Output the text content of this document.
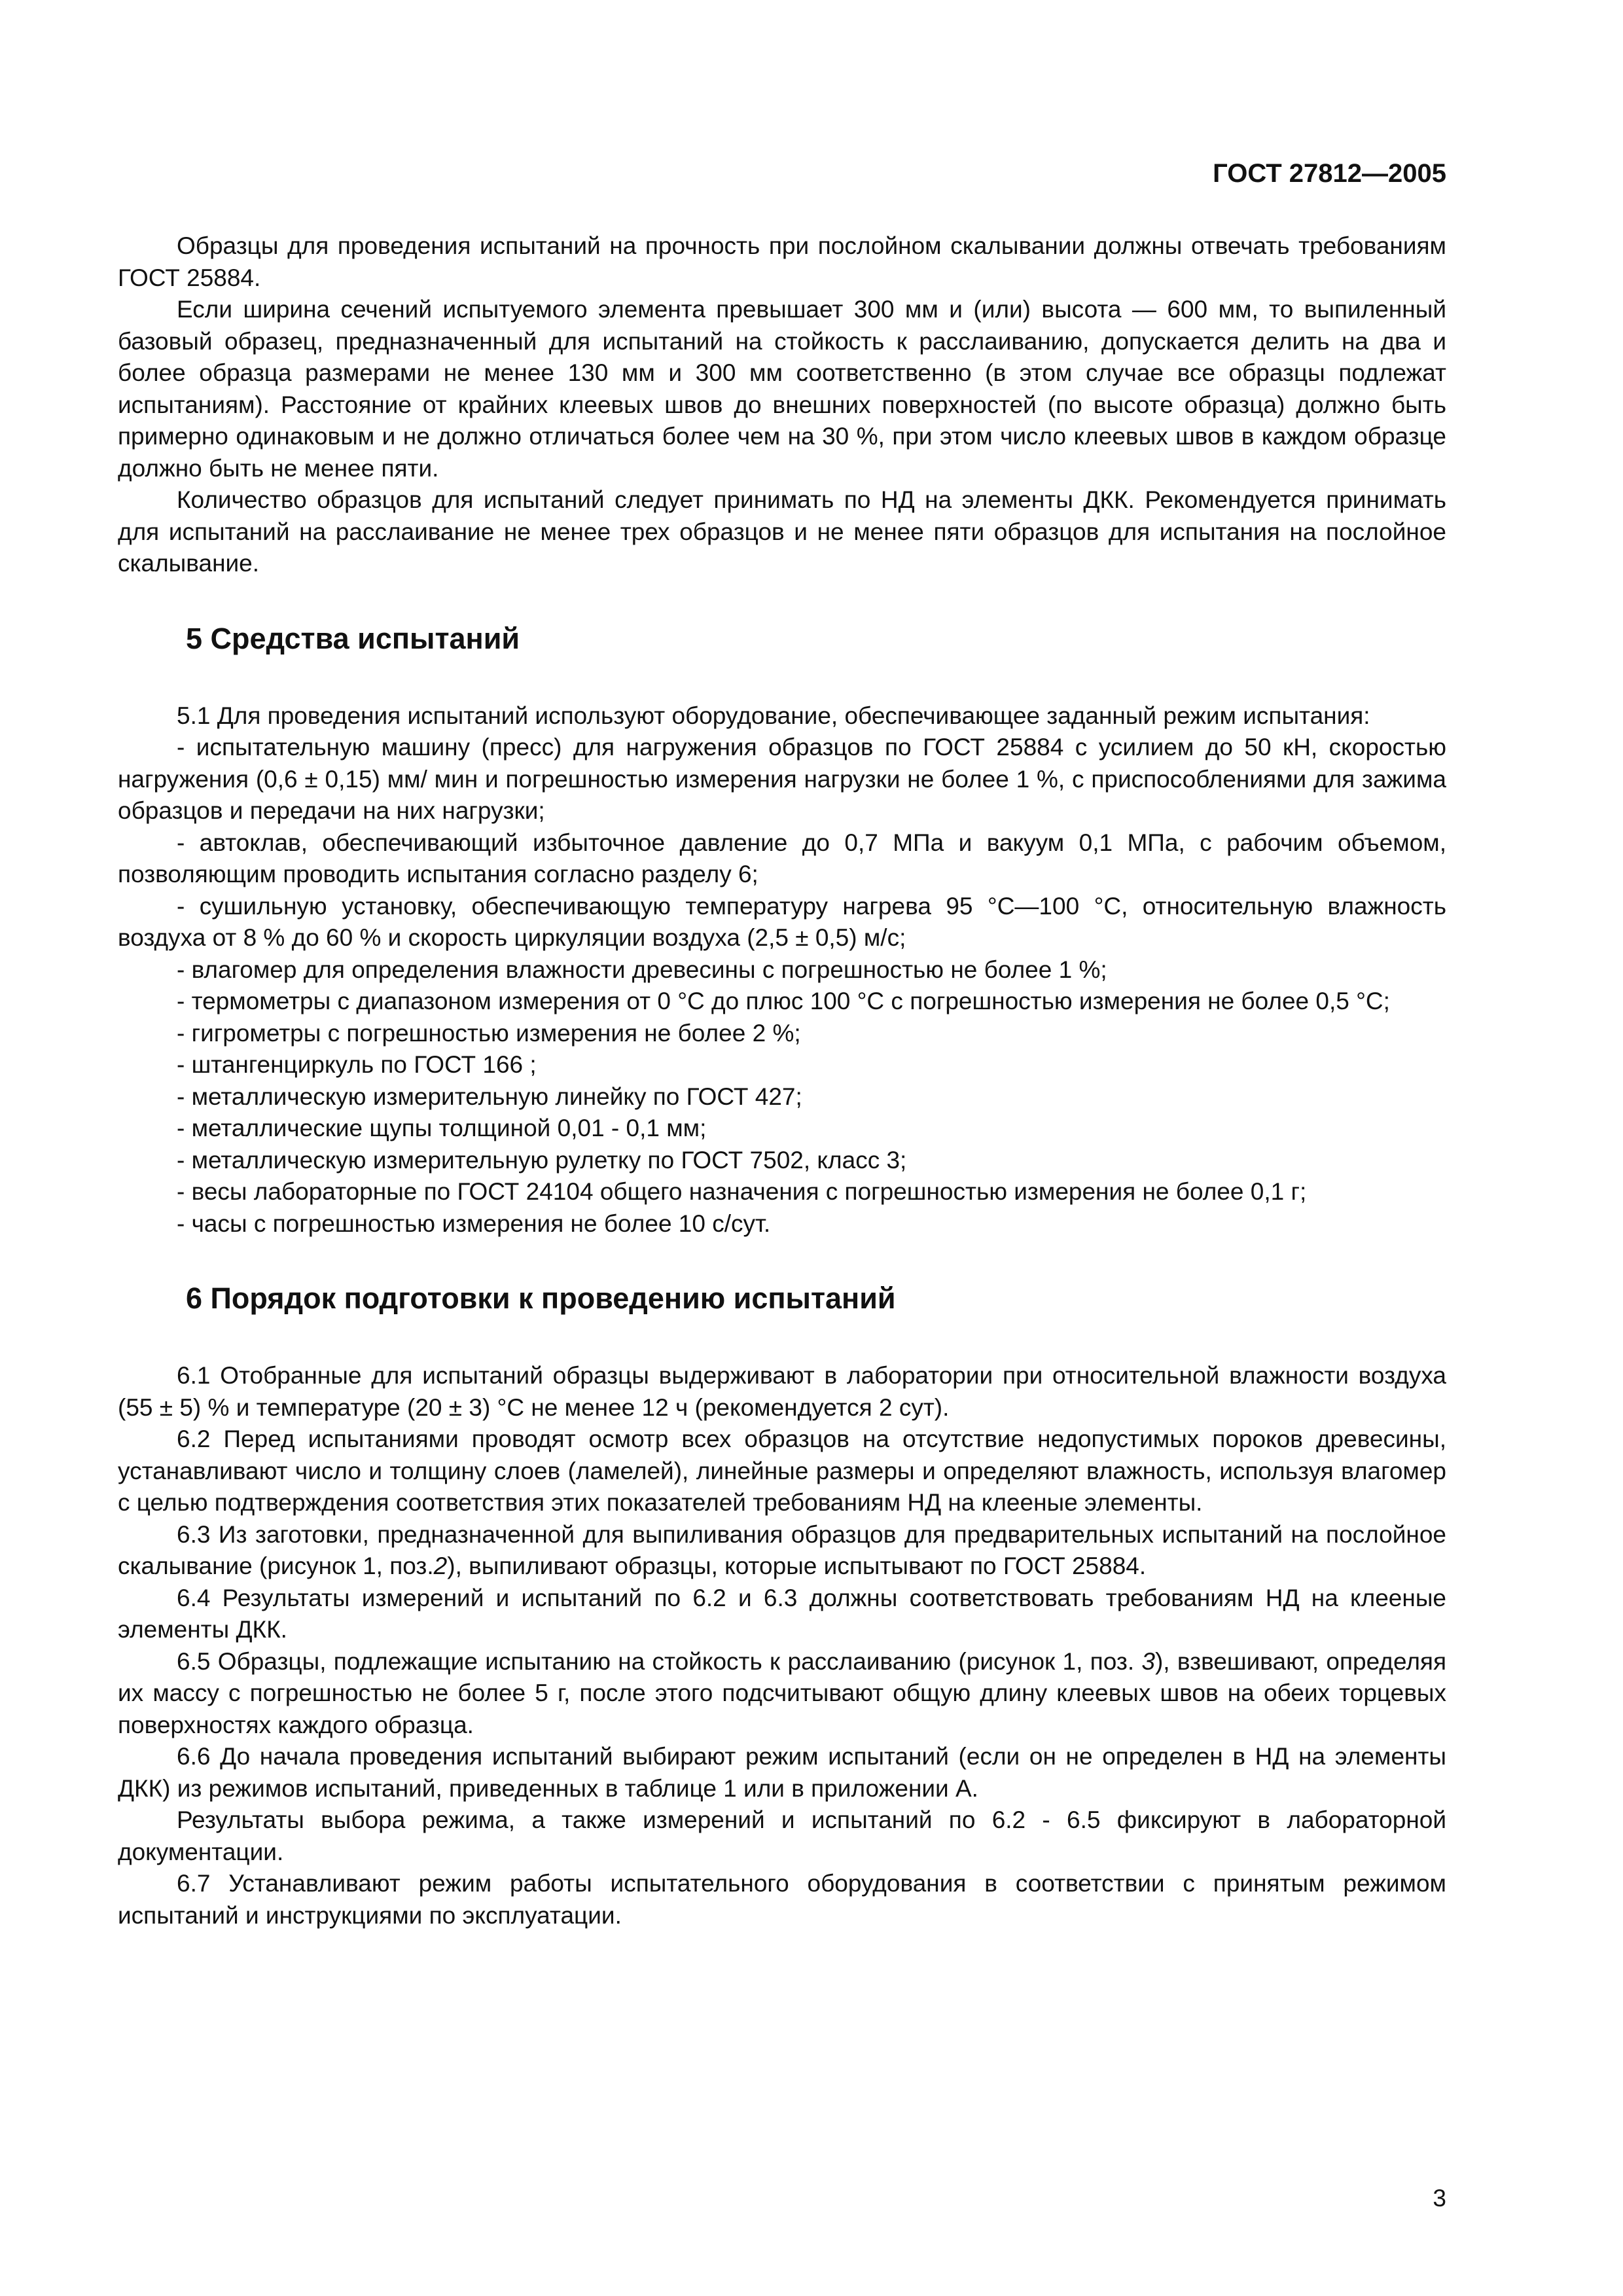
ГОСТ 27812—2005

Образцы для проведения испытаний на прочность при послойном скалывании должны отвечать требованиям ГОСТ 25884.

Если ширина сечений испытуемого элемента превышает 300 мм и (или) высота — 600 мм, то выпиленный базовый образец, предназначенный для испытаний на стойкость к расслаиванию, допускается делить на два и более образца размерами не менее 130 мм и 300 мм соответственно (в этом случае все образцы подлежат испытаниям). Расстояние от крайних клеевых швов до внешних поверхностей (по высоте образца) должно быть примерно одинаковым и не должно отличаться более чем на 30 %, при этом число клеевых швов в каждом образце должно быть не менее пяти.

Количество образцов для испытаний следует принимать по НД на элементы ДКК. Рекомендуется принимать для испытаний на расслаивание не менее трех образцов и не менее пяти образцов для испытания на послойное скалывание.

5 Средства испытаний

5.1 Для проведения испытаний используют оборудование, обеспечивающее заданный режим испытания:

- испытательную машину (пресс) для нагружения образцов по ГОСТ 25884 с усилием до 50 кН, скоростью нагружения (0,6 ± 0,15) мм/ мин и погрешностью измерения нагрузки не более 1 %, с приспособлениями для зажима образцов и передачи на них нагрузки;

- автоклав, обеспечивающий избыточное давление до 0,7 МПа и вакуум 0,1 МПа, с рабочим объемом, позволяющим проводить испытания согласно разделу 6;

- сушильную установку, обеспечивающую температуру нагрева 95 °С—100 °С, относительную влажность воздуха от 8 % до 60 % и скорость циркуляции воздуха (2,5 ± 0,5) м/с;

- влагомер для определения влажности древесины с погрешностью не более 1 %;

- термометры с диапазоном измерения от 0 °С до плюс 100 °С с погрешностью измерения не более 0,5 °С;

- гигрометры с погрешностью измерения не более 2 %;

- штангенциркуль по ГОСТ 166 ;

- металлическую измерительную линейку по ГОСТ 427;

- металлические щупы толщиной 0,01 - 0,1 мм;

- металлическую измерительную рулетку по ГОСТ 7502, класс 3;

- весы лабораторные по ГОСТ 24104 общего назначения с погрешностью измерения не более 0,1 г;

- часы с погрешностью измерения не более 10 с/сут.

6 Порядок подготовки к проведению испытаний

6.1 Отобранные для испытаний образцы выдерживают в лаборатории при относительной влажности воздуха (55 ± 5) % и температуре (20 ± 3) °С не менее 12 ч (рекомендуется 2 сут).

6.2 Перед испытаниями проводят осмотр всех образцов на отсутствие недопустимых пороков древесины, устанавливают число и толщину слоев (ламелей), линейные размеры и определяют влажность, используя влагомер с целью подтверждения соответствия этих показателей требованиям НД на клееные элементы.

6.3 Из заготовки, предназначенной для выпиливания образцов для предварительных испытаний на послойное скалывание (рисунок 1, поз.2), выпиливают образцы, которые испытывают по ГОСТ 25884.

6.4 Результаты измерений и испытаний по 6.2 и 6.3 должны соответствовать требованиям НД на клееные элементы ДКК.

6.5 Образцы, подлежащие испытанию на стойкость к расслаиванию (рисунок 1, поз. 3), взвешивают, определяя их массу с погрешностью не более 5 г, после этого подсчитывают общую длину клеевых швов на обеих торцевых поверхностях каждого образца.

6.6 До начала проведения испытаний выбирают режим испытаний (если он не определен в НД на элементы ДКК) из режимов испытаний, приведенных в таблице 1 или в приложении А.

Результаты выбора режима, а также измерений и испытаний по 6.2 - 6.5 фиксируют в лабораторной документации.

6.7 Устанавливают режим работы испытательного оборудования в соответствии с принятым режимом испытаний и инструкциями по эксплуатации.

3
